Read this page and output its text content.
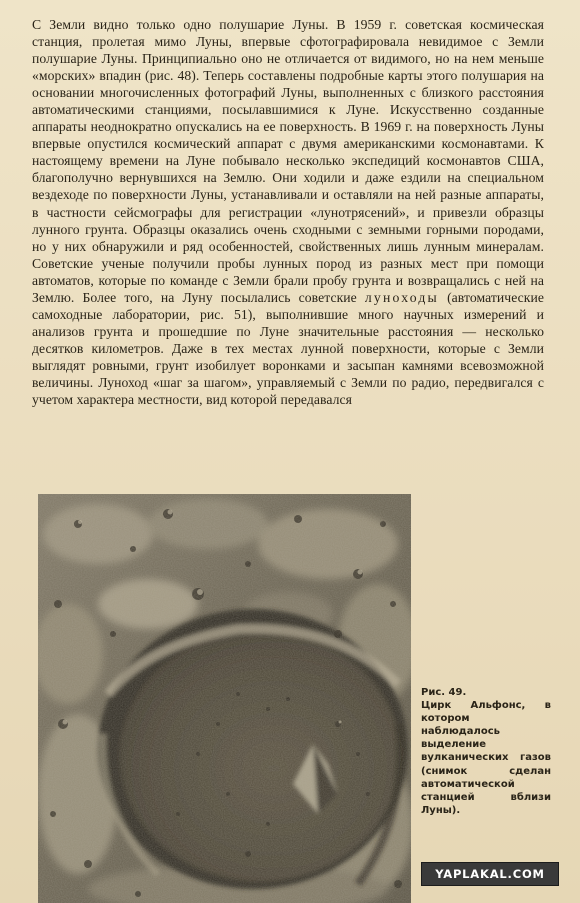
С Земли видно только одно полушарие Луны. В 1959 г. советская космическая станция, пролетая мимо Луны, впервые сфотографировала невидимое с Земли полушарие Луны. Принципиально оно не отличается от видимого, но на нем меньше «морских» впадин (рис. 48). Теперь составлены подробные карты этого полушария на основании многочисленных фотографий Луны, выполненных с близкого расстояния автоматическими станциями, посылавшимися к Луне. Искусственно созданные аппараты неоднократно опускались на ее поверхность. В 1969 г. на поверхность Луны впервые опустился космический аппарат с двумя американскими космонавтами. К настоящему времени на Луне побывало несколько экспедиций космонавтов США, благополучно вернувшихся на Землю. Они ходили и даже ездили на специальном вездеходе по поверхности Луны, устанавливали и оставляли на ней разные аппараты, в частности сейсмографы для регистрации «лунотрясений», и привезли образцы лунного грунта. Образцы оказались очень сходными с земными горными породами, но у них обнаружили и ряд особенностей, свойственных лишь лунным минералам. Советские ученые получили пробы лунных пород из разных мест при помощи автоматов, которые по команде с Земли брали пробу грунта и возвращались с ней на Землю. Более того, на Луну посылались советские луноходы (автоматические самоходные лаборатории, рис. 51), выполнившие много научных измерений и анализов грунта и прошедшие по Луне значительные расстояния — несколько десятков километров. Даже в тех местах лунной поверхности, которые с Земли выглядят ровными, грунт изобилует воронками и засыпан камнями всевозможной величины. Луноход «шаг за шагом», управляемый с Земли по радио, передвигался с учетом характера местности, вид которой передавался

Рис. 49.
Цирк Альфонс, в котором наблюдалось выделение вулканических газов (снимок сделан автоматической станцией вблизи Луны).
YAPLAKAL.COM
